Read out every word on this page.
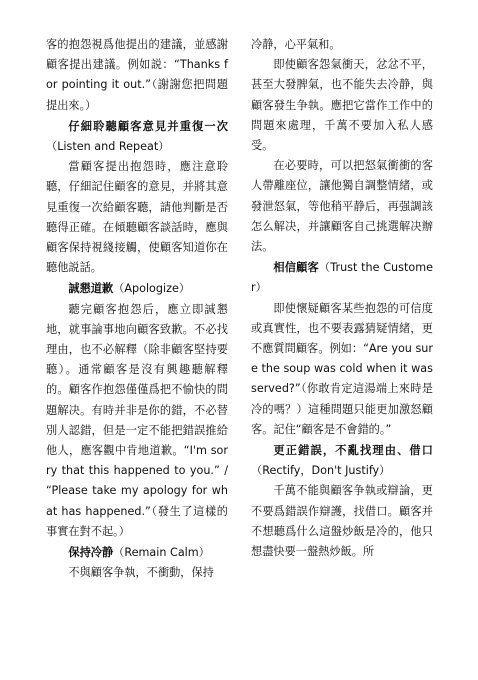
客的抱怨視爲他提出的建議，並感謝顧客提出建議。例如説：“Thanks for pointing it out.”（謝謝您把問題提出來。）

仔細聆聽顧客意見并重復一次（Listen and Repeat）

當顧客提出抱怨時，應注意聆聽，仔細記住顧客的意見，并將其意見重復一次給顧客聽，請他判斷是否聽得正確。在傾聽顧客談話時，應與顧客保持視綫接觸，使顧客知道你在聽他説話。

誠懇道歉（Apologize）

聽完顧客抱怨后，應立即誠懇地，就事論事地向顧客致歉。不必找理由，也不必解釋（除非顧客堅持要聽）。通常顧客是沒有興趣聽解釋的。顧客作抱怨僅僅爲把不愉快的問題解决。有時并非是你的錯，不必替別人認錯，但是一定不能把錯誤推給他人，應客觀中肯地道歉。“I'm sorry that this happened to you.” / “Please take my apology for what has happened.”（發生了這樣的事實在對不起。）

保持冷静（Remain Calm）

不與顧客争執，不衝動，保持

冷静，心平氣和。

即使顧客怨氣衝天，忿忿不平，甚至大發脾氣，也不能失去冷静，與顧客發生争執。應把它當作工作中的問題來處理，千萬不要加入私人感受。

在必要時，可以把怒氣衝衝的客人帶離座位，讓他獨自調整情緒，或發泄怒氣，等他稍平静后，再强調該怎么解决，并讓顧客自己挑選解决辦法。

相信顧客（Trust the Customer）

即使懷疑顧客某些抱怨的可信度或真實性，也不要表露猜疑情緒，更不應質問顧客。例如：“Are you sure the soup was cold when it was served?”（你敢肯定這湯端上來時是冷的嗎？）這種問題只能更加激怒顧客。記住“顧客是不會錯的。”

更正錯誤，不亂找理由、借口（Rectify，Don't Justify）

千萬不能與顧客争執或辯論，更不要爲錯誤作辯護，找借口。顧客并不想聽爲什么這盤炒飯是冷的，他只想盡快要一盤熱炒飯。所
